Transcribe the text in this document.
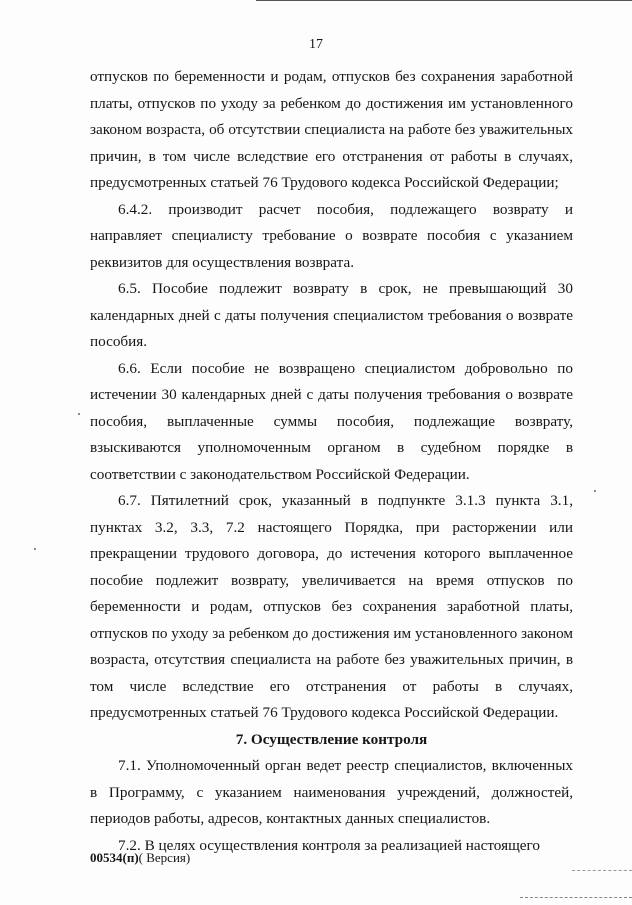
17

отпусков по беременности и родам, отпусков без сохранения заработной платы, отпусков по уходу за ребенком до достижения им установленного законом возраста, об отсутствии специалиста на работе без уважительных причин, в том числе вследствие его отстранения от работы в случаях, предусмотренных статьей 76 Трудового кодекса Российской Федерации;

6.4.2. производит расчет пособия, подлежащего возврату и направляет специалисту требование о возврате пособия с указанием реквизитов для осуществления возврата.

6.5. Пособие подлежит возврату в срок, не превышающий 30 календарных дней с даты получения специалистом требования о возврате пособия.

6.6. Если пособие не возвращено специалистом добровольно по истечении 30 календарных дней с даты получения требования о возврате пособия, выплаченные суммы пособия, подлежащие возврату, взыскиваются уполномоченным органом в судебном порядке в соответствии с законодательством Российской Федерации.

6.7. Пятилетний срок, указанный в подпункте 3.1.3 пункта 3.1, пунктах 3.2, 3.3, 7.2 настоящего Порядка, при расторжении или прекращении трудового договора, до истечения которого выплаченное пособие подлежит возврату, увеличивается на время отпусков по беременности и родам, отпусков без сохранения заработной платы, отпусков по уходу за ребенком до достижения им установленного законом возраста, отсутствия специалиста на работе без уважительных причин, в том числе вследствие его отстранения от работы в случаях, предусмотренных статьей 76 Трудового кодекса Российской Федерации.

7. Осуществление контроля

7.1. Уполномоченный орган ведет реестр специалистов, включенных в Программу, с указанием наименования учреждений, должностей, периодов работы, адресов, контактных данных специалистов.

7.2. В целях осуществления контроля за реализацией настоящего

00534(п)( Версия)
